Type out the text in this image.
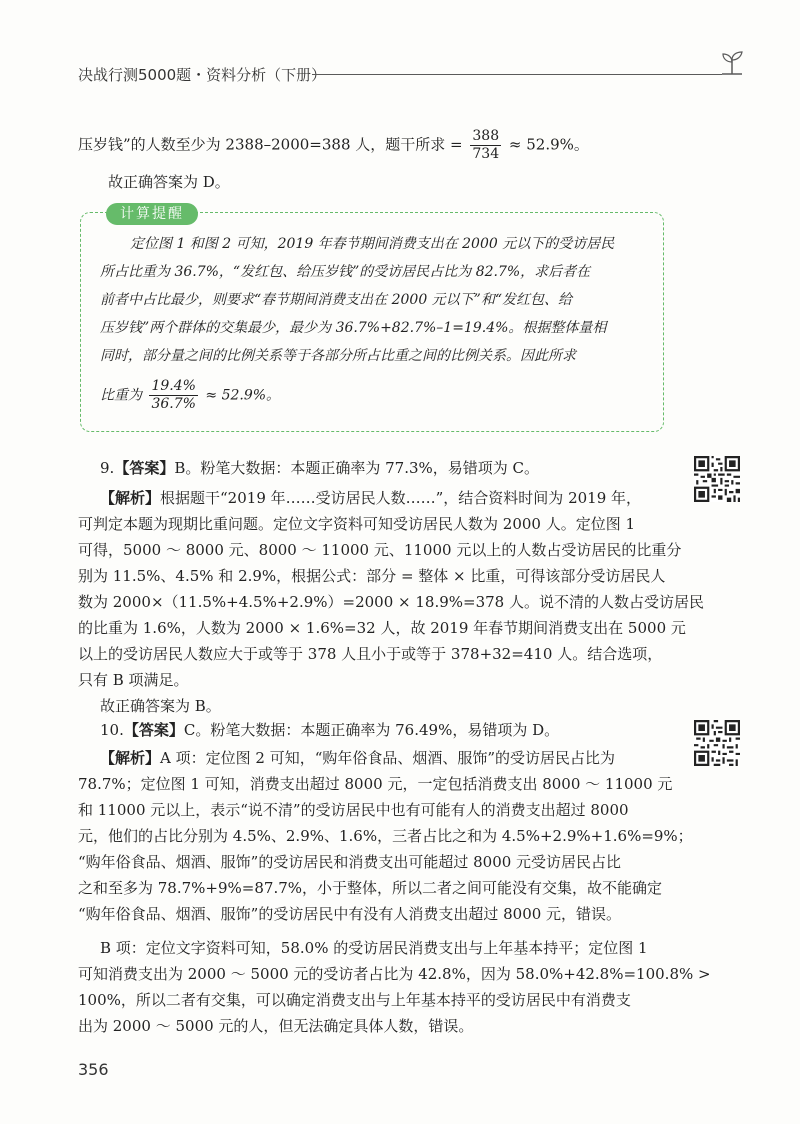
决战行测5000题・资料分析（下册）
压岁钱”的人数至少为 2388–2000=388 人，题干所求 = $\frac{388}{734} \approx 52.9\%$。
故正确答案为 D。
计算提醒
定位图 1 和图 2 可知，2019 年春节期间消费支出在 2000 元以下的受访居民
所占比重为 36.7%，“发红包、给压岁钱”的受访居民占比为 82.7%，求后者在
前者中占比最少，则要求“春节期间消费支出在 2000 元以下”和“发红包、给
压岁钱”两个群体的交集最少，最少为 36.7%+82.7%–1=19.4%。根据整体量相
同时，部分量之间的比例关系等于各部分所占比重之间的比例关系。因此所求
比重为 $\frac{19.4\%}{36.7\%} \approx 52.9\%$。
9.【答案】B。粉笔大数据：本题正确率为 77.3%，易错项为 C。
【解析】根据题干“2019 年……受访居民人数……”，结合资料时间为 2019 年，
可判定本题为现期比重问题。定位文字资料可知受访居民人数为 2000 人。定位图 1
可得，5000 ～ 8000 元、8000 ～ 11000 元、11000 元以上的人数占受访居民的比重分
别为 11.5%、4.5% 和 2.9%，根据公式：部分 = 整体 × 比重，可得该部分受访居民人
数为 2000×（11.5%+4.5%+2.9%）=2000 × 18.9%=378 人。说不清的人数占受访居民
的比重为 1.6%，人数为 2000 × 1.6%=32 人，故 2019 年春节期间消费支出在 5000 元
以上的受访居民人数应大于或等于 378 人且小于或等于 378+32=410 人。结合选项，
只有 B 项满足。
故正确答案为 B。
10.【答案】C。粉笔大数据：本题正确率为 76.49%，易错项为 D。
【解析】A 项：定位图 2 可知，“购年俗食品、烟酒、服饰”的受访居民占比为
78.7%；定位图 1 可知，消费支出超过 8000 元，一定包括消费支出 8000 ～ 11000 元
和 11000 元以上，表示“说不清”的受访居民中也有可能有人的消费支出超过 8000
元，他们的占比分别为 4.5%、2.9%、1.6%，三者占比之和为 4.5%+2.9%+1.6%=9%；
“购年俗食品、烟酒、服饰”的受访居民和消费支出可能超过 8000 元受访居民占比
之和至多为 78.7%+9%=87.7%，小于整体，所以二者之间可能没有交集，故不能确定
“购年俗食品、烟酒、服饰”的受访居民中有没有人消费支出超过 8000 元，错误。
B 项：定位文字资料可知，58.0% 的受访居民消费支出与上年基本持平；定位图 1
可知消费支出为 2000 ～ 5000 元的受访者占比为 42.8%，因为 58.0%+42.8%=100.8% >
100%，所以二者有交集，可以确定消费支出与上年基本持平的受访居民中有消费支
出为 2000 ～ 5000 元的人，但无法确定具体人数，错误。
356
